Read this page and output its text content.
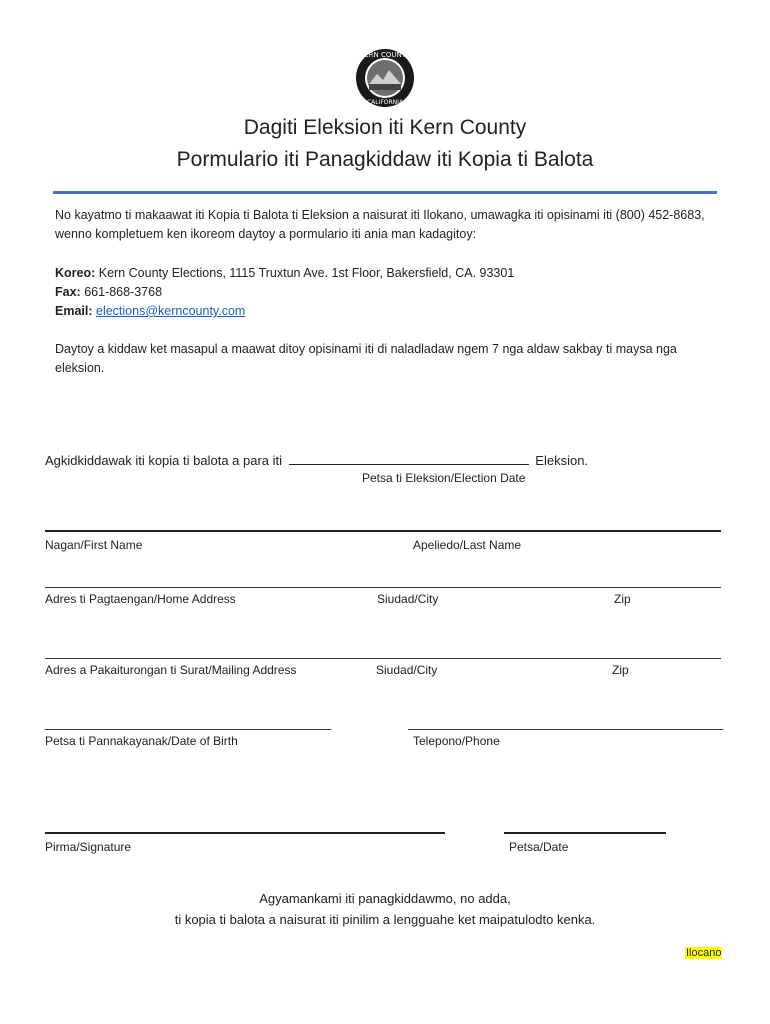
KERN COUNTY
CALIFORNIA
Dagiti Eleksion iti Kern County
Pormulario iti Panagkiddaw iti Kopia ti Balota
No kayatmo ti makaawat iti Kopia ti Balota ti Eleksion a naisurat iti Ilokano, umawagka iti opisinami iti (800) 452-8683, wenno kompletuem ken ikoreom daytoy a pormulario iti ania man kadagitoy:
Koreo: Kern County Elections, 1115 Truxtun Ave. 1st Floor, Bakersfield, CA. 93301
Fax: 661-868-3768
Email: elections@kerncounty.com
Daytoy a kiddaw ket masapul a maawat ditoy opisinami iti di naladladaw ngem 7 nga aldaw sakbay ti maysa nga eleksion.
Agkidkiddawak iti kopia ti balota a para iti	Eleksion.
Petsa ti Eleksion/Election Date
Nagan/First Name	Apeliedo/Last Name
Adres ti Pagtaengan/Home Address	Siudad/City	Zip
Adres a Pakaiturongan ti Surat/Mailing Address	Siudad/City	Zip
Petsa ti Pannakayanak/Date of Birth	Telepono/Phone
Pirma/Signature	Petsa/Date
Agyamankami iti panagkiddawmo, no adda,
ti kopia ti balota a naisurat iti pinilim a lengguahe ket maipatulodto kenka.
Ilocano
